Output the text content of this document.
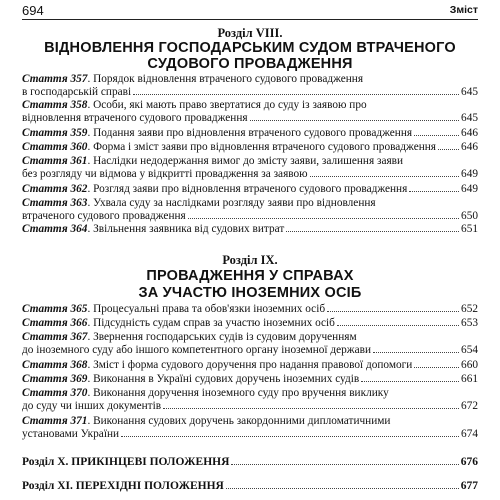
694	Зміст
Розділ VIII.
ВІДНОВЛЕННЯ ГОСПОДАРСЬКИМ СУДОМ ВТРАЧЕНОГО
СУДОВОГО ПРОВАДЖЕННЯ
Стаття 357 . Порядок відновлення втраченого судового провадження
в господарській справі	645
Стаття 358 . Особи, які мають право звертатися до суду із заявою про
відновлення втраченого судового провадження	645
Стаття 359 . Подання заяви про відновлення втраченого судового провадження	646
Стаття 360 . Форма і зміст заяви про відновлення втраченого судового провадження 646
Стаття 361 . Наслідки недодержання вимог до змісту заяви, залишення заяви
без розгляду чи відмова у відкритті провадження за заявою	649
Стаття 362 . Розгляд заяви про відновлення втраченого судового провадження	649
Стаття 363 . Ухвала суду за наслідками розгляду заяви про відновлення
втраченого судового провадження	650
Стаття 364 . Звільнення заявника від судових витрат	651
Розділ IX.
ПРОВАДЖЕННЯ У СПРАВАХ
ЗА УЧАСТЮ ІНОЗЕМНИХ ОСІБ
Стаття 365 . Процесуальні права та обов'язки іноземних осіб	652
Стаття 366 . Підсудність судам справ за участю іноземних осіб	653
Стаття 367 . Звернення господарських судів із судовим дорученням
до іноземного суду або іншого компетентного органу іноземної держави	654
Стаття 368 . Зміст і форма судового доручення про надання правової допомоги	660
Стаття 369 . Виконання в Україні судових доручень іноземних судів	661
Стаття 370 . Виконання доручення іноземного суду про вручення виклику
до суду чи інших документів	672
Стаття 371 . Виконання судових доручень закордонними дипломатичними
установами України	674
Розділ X. ПРИКІНЦЕВІ ПОЛОЖЕННЯ	676
Розділ XI. ПЕРЕХІДНІ ПОЛОЖЕННЯ	677
